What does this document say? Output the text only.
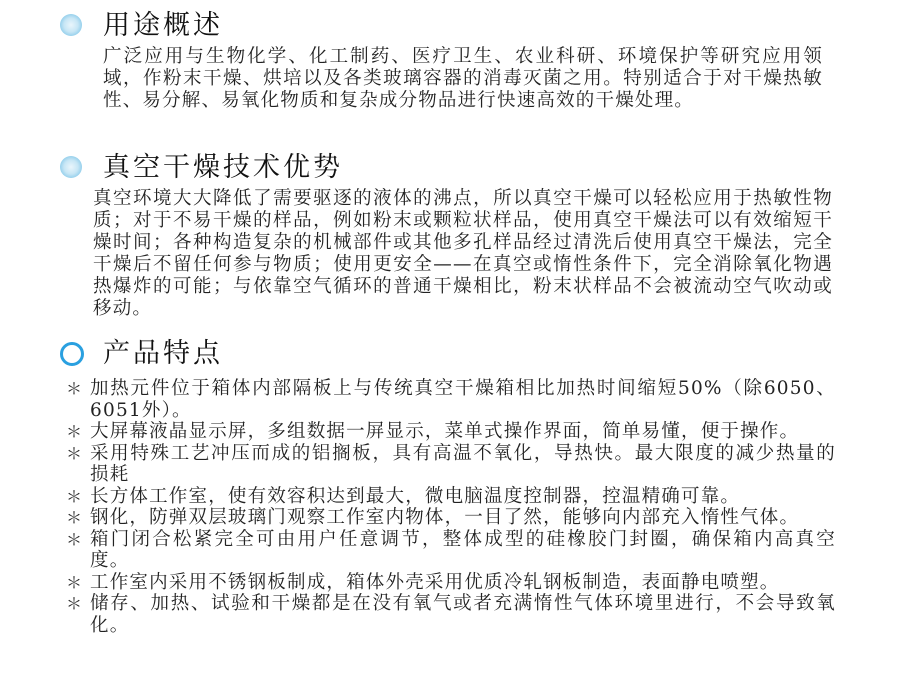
用途概述
广泛应用与生物化学、化工制药、医疗卫生、农业科研、环境保护等研究应用领域，作粉末干燥、烘培以及各类玻璃容器的消毒灭菌之用。特别适合于对干燥热敏性、易分解、易氧化物质和复杂成分物品进行快速高效的干燥处理。
真空干燥技术优势
真空环境大大降低了需要驱逐的液体的沸点，所以真空干燥可以轻松应用于热敏性物质；对于不易干燥的样品，例如粉末或颗粒状样品，使用真空干燥法可以有效缩短干燥时间；各种构造复杂的机械部件或其他多孔样品经过清洗后使用真空干燥法，完全干燥后不留任何参与物质；使用更安全——在真空或惰性条件下，完全消除氧化物遇热爆炸的可能；与依靠空气循环的普通干燥相比，粉末状样品不会被流动空气吹动或移动。
产品特点
＊ 加热元件位于箱体内部隔板上与传统真空干燥箱相比加热时间缩短50%（除6050、6051外）。
＊ 大屏幕液晶显示屏，多组数据一屏显示，菜单式操作界面，简单易懂，便于操作。
＊ 采用特殊工艺冲压而成的铝搁板，具有高温不氧化，导热快。最大限度的减少热量的损耗
＊ 长方体工作室，使有效容积达到最大，微电脑温度控制器，控温精确可靠。
＊ 钢化，防弹双层玻璃门观察工作室内物体，一目了然，能够向内部充入惰性气体。
＊ 箱门闭合松紧完全可由用户任意调节，整体成型的硅橡胶门封圈，确保箱内高真空度。
＊ 工作室内采用不锈钢板制成，箱体外壳采用优质冷轧钢板制造，表面静电喷塑。
＊ 储存、加热、试验和干燥都是在没有氧气或者充满惰性气体环境里进行，不会导致氧化。
